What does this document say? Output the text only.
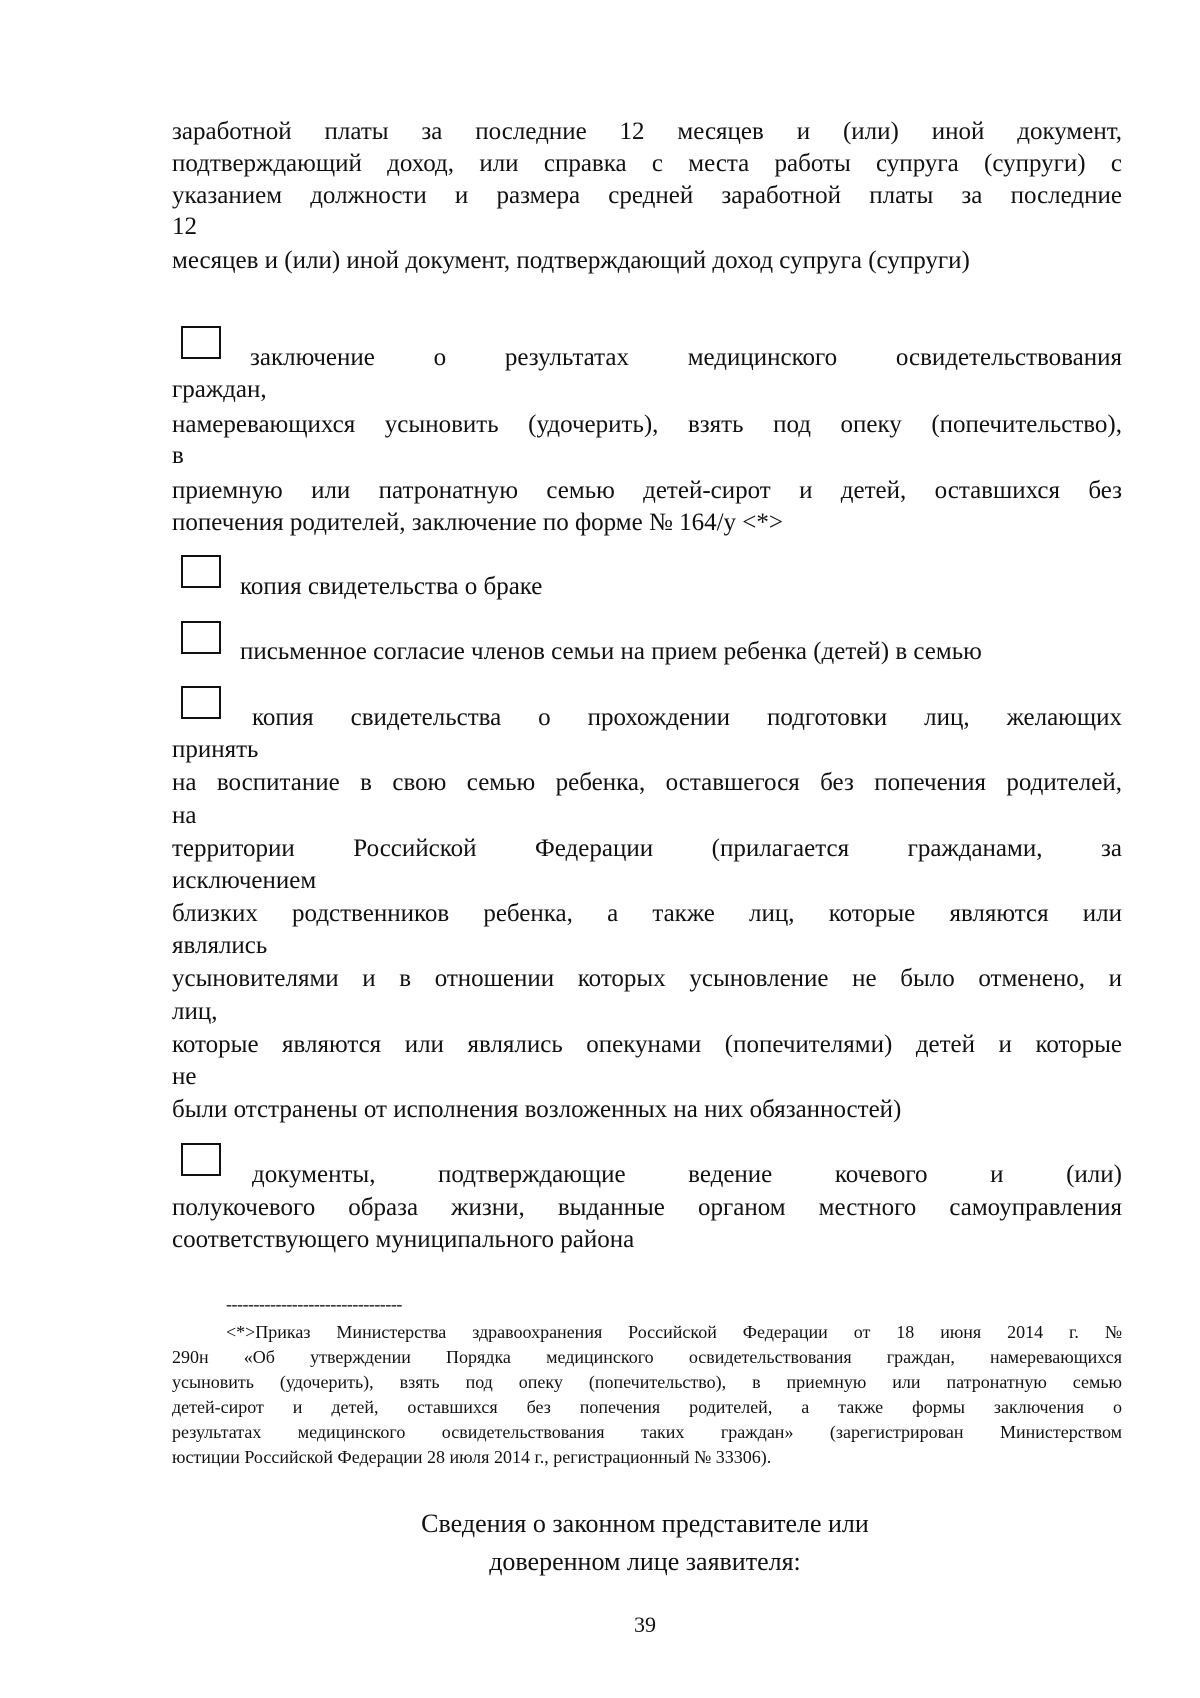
заработной платы за последние 12 месяцев и (или) иной документ,
подтверждающий доход, или справка с места работы супруга (супруги) с
указанием должности и размера средней заработной платы за последние
12
месяцев и (или) иной документ, подтверждающий доход супруга (супруги)
заключение о результатах медицинского освидетельствования
граждан,
намеревающихся усыновить (удочерить), взять под опеку (попечительство),
в
приемную или патронатную семью детей-сирот и детей, оставшихся без
попечения родителей, заключение по форме № 164/у <*>
копия свидетельства о браке
письменное согласие членов семьи на прием ребенка (детей) в семью
копия свидетельства о прохождении подготовки лиц, желающих
принять
на воспитание в свою семью ребенка, оставшегося без попечения родителей,
на
территории Российской Федерации (прилагается гражданами, за
исключением
близких родственников ребенка, а также лиц, которые являются или
являлись
усыновителями и в отношении которых усыновление не было отменено, и
лиц,
которые являются или являлись опекунами (попечителями) детей и которые
не
были отстранены от исполнения возложенных на них обязанностей)
документы, подтверждающие ведение кочевого и (или)
полукочевого образа жизни, выданные органом местного самоуправления
соответствующего муниципального района
--------------------------------
<*>Приказ Министерства здравоохранения Российской Федерации от 18 июня 2014 г. №
290н «Об утверждении Порядка медицинского освидетельствования граждан, намеревающихся
усыновить (удочерить), взять под опеку (попечительство), в приемную или патронатную семью
детей-сирот и детей, оставшихся без попечения родителей, а также формы заключения о
результатах медицинского освидетельствования таких граждан» (зарегистрирован Министерством
юстиции Российской Федерации 28 июля 2014 г., регистрационный № 33306).
Сведения о законном представителе или
доверенном лице заявителя:
39
